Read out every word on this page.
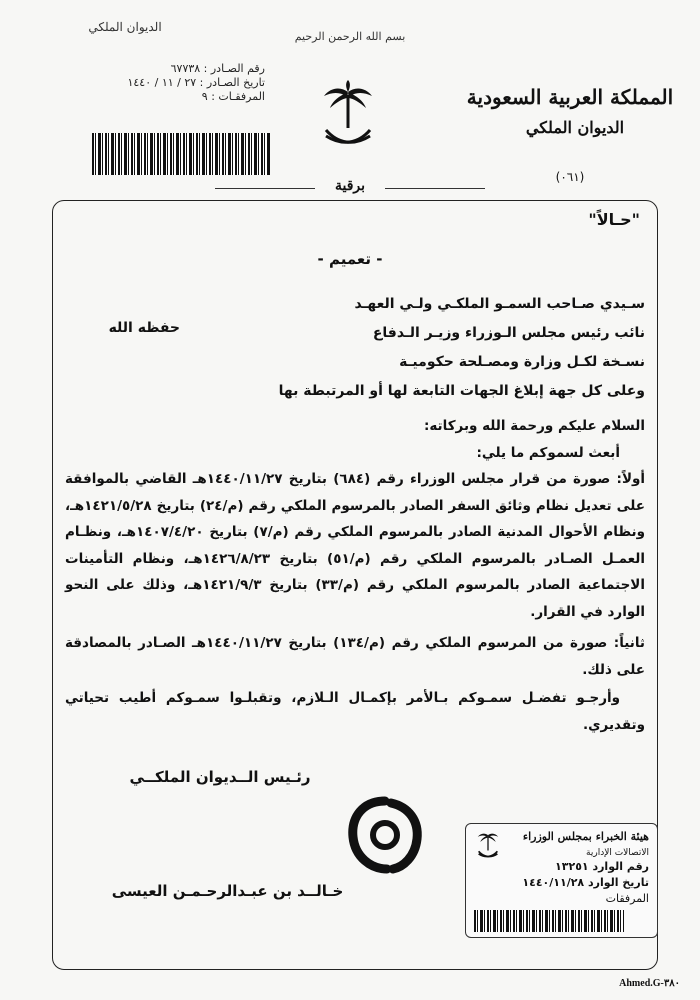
الديوان الملكي
بسم الله الرحمن الرحيم
رقم الصـادر : ٦٧٧٣٨
تاريخ الصـادر : ٢٧ / ١١ / ١٤٤٠
المرفقـات : ٩	المملكة العربية السعودية
الديوان الملكي
(٠٦١)
برقية
"حـالاً"
- تعميم -
سـيدي صـاحب السمـو الملكـي ولـي العهـد
نائب رئيس مجلس الـوزراء وزيـر الـدفاع
نسـخة لكـل وزارة ومصـلحة حكوميـة
وعلى كل جهة إبلاغ الجهات التابعة لها أو المرتبطة بها
حفظه الله
السلام عليكم ورحمة الله وبركاته:
أبعث لسموكم ما يلي:
أولاً: صورة من قرار مجلس الوزراء رقم (٦٨٤) بتاريخ ١٤٤٠/١١/٢٧هـ القاضي بالموافقة على تعديل نظام وثائق السفر الصادر بالمرسوم الملكي رقم (م/٢٤) بتاريخ ١٤٢١/٥/٢٨هـ، ونظام الأحوال المدنية الصادر بالمرسوم الملكي رقم (م/٧) بتاريخ ١٤٠٧/٤/٢٠هـ، ونظـام العمـل الصـادر بالمرسوم الملكي رقم (م/٥١) بتاريخ ١٤٢٦/٨/٢٣هـ، ونظام التأمينات الاجتماعية الصادر بالمرسوم الملكي رقم (م/٣٣) بتاريخ ١٤٢١/٩/٣هـ، وذلك على النحو الوارد في القرار.
ثانياً: صورة من المرسوم الملكي رقم (م/١٣٤) بتاريخ ١٤٤٠/١١/٢٧هـ الصـادر بالمصادقة على ذلك.
وأرجـو تفضـل سمـوكم بـالأمر بإكمـال الـلازم، وتقبلـوا سمـوكم أطيب تحياتي وتقديري.
رئـيس الــديوان الملكــي
خـالــد بن عبـدالرحـمـن العيسى
هيئة الخبراء بمجلس الوزراء
الاتصالات الإدارية
رقم الوارد ١٣٢٥١
تاريخ الوارد ١٤٤٠/١١/٢٨
المرفقات
Ahmed.G-٣٨٠
